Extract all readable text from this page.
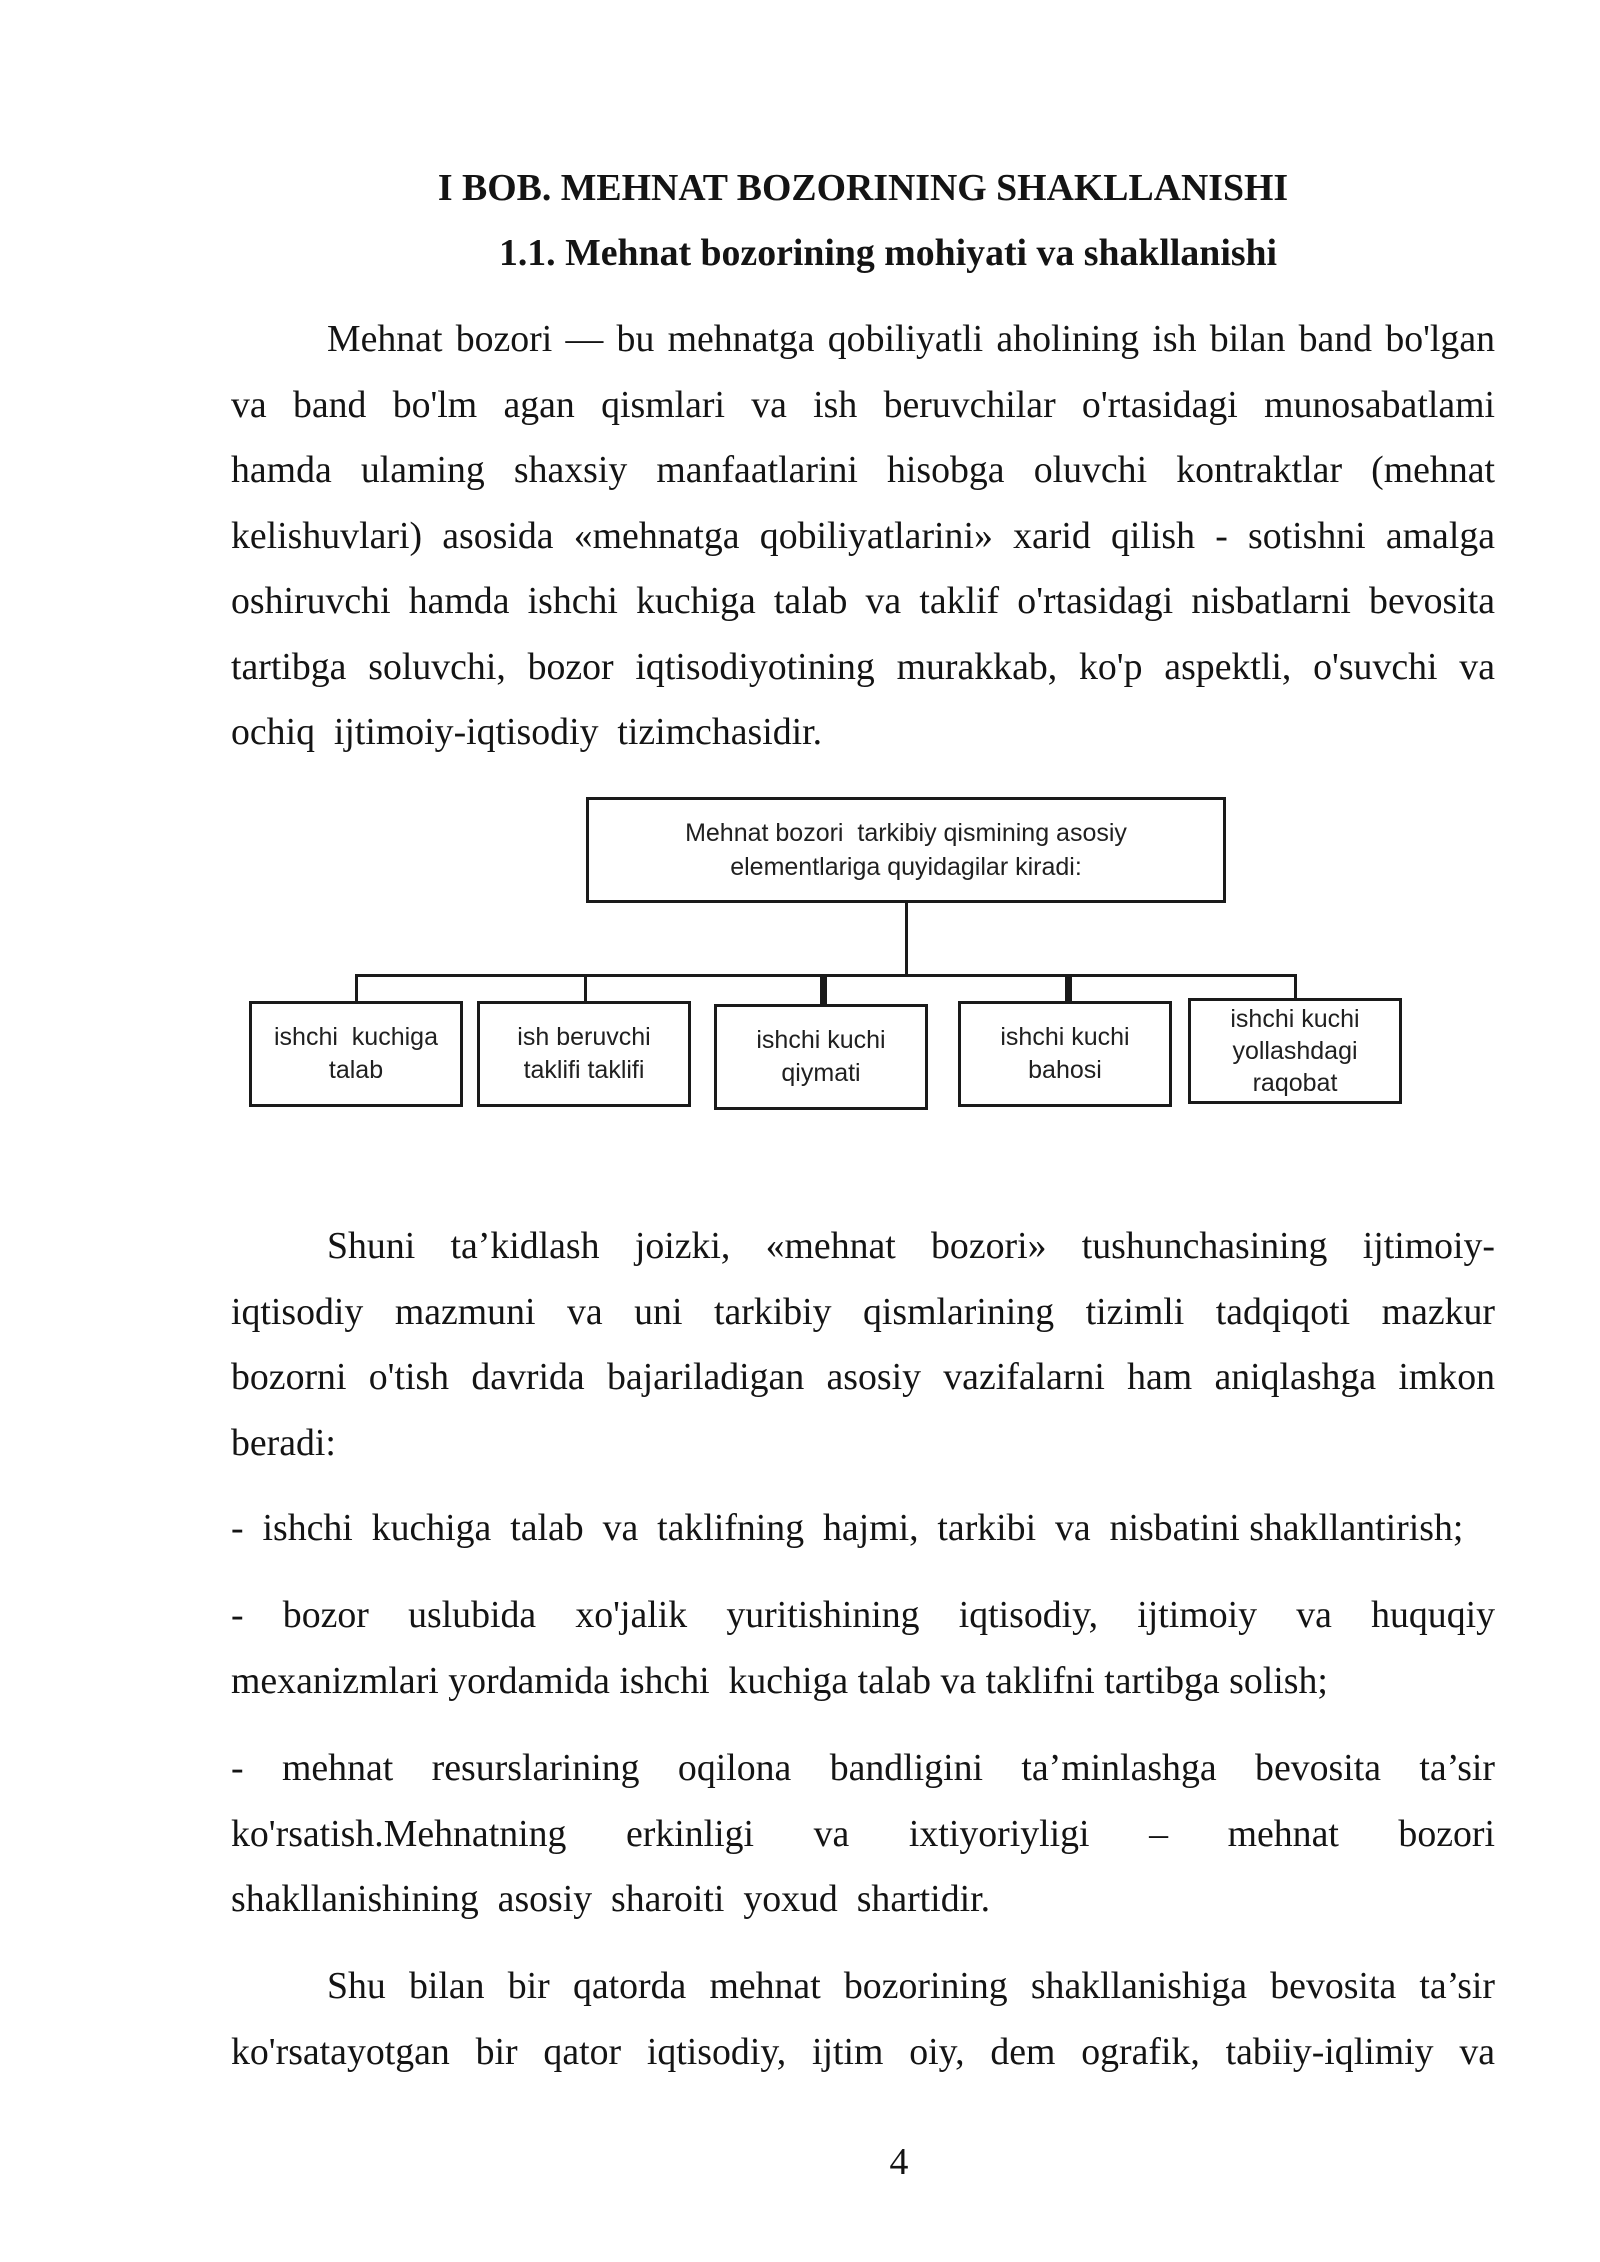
I BOB. MEHNAT BOZORINING SHAKLLANISHI
1.1. Mehnat bozorining mohiyati va shakllanishi
Mehnat bozori — bu mehnatga qobiliyatli aholining ish bilan band bo'lgan
va band bo'lm agan qismlari va ish beruvchilar o'rtasidagi munosabatlami
hamda ulaming shaxsiy manfaatlarini hisobga oluvchi kontraktlar (mehnat
kelishuvlari) asosida «mehnatga qobiliyatlarini» xarid qilish - sotishni amalga
oshiruvchi hamda ishchi kuchiga talab va taklif o'rtasidagi nisbatlarni bevosita
tartibga soluvchi, bozor iqtisodiyotining murakkab, ko'p aspektli, o'suvchi va
ochiq  ijtimoiy-iqtisodiy  tizimchasidir.
Mehnat bozori  tarkibiy qismining asosiy
elementlariga quyidagilar kiradi:
ishchi  kuchiga
talab
ish beruvchi
taklifi taklifi
ishchi kuchi
qiymati
ishchi kuchi
bahosi
ishchi kuchi
yollashdagi
raqobat
Shuni ta’kidlash joizki, «mehnat bozori» tushunchasining ijtimoiy-
iqtisodiy mazmuni va uni tarkibiy qismlarining tizimli tadqiqoti mazkur
bozorni o'tish davrida bajariladigan asosiy vazifalarni ham aniqlashga imkon
beradi:
-  ishchi  kuchiga  talab  va  taklifning  hajmi,  tarkibi  va  nisbatini shakllantirish;
- bozor uslubida xo'jalik yuritishining iqtisodiy, ijtimoiy va huquqiy
mexanizmlari yordamida ishchi  kuchiga talab va taklifni tartibga solish;
- mehnat resurslarining oqilona bandligini ta’minlashga bevosita ta’sir
ko'rsatish.Mehnatning erkinligi va ixtiyoriyligi – mehnat bozori
shakllanishining  asosiy  sharoiti  yoxud  shartidir.
Shu bilan bir qatorda mehnat bozorining shakllanishiga bevosita ta’sir
ko'rsatayotgan bir qator iqtisodiy, ijtim oiy, dem ografik, tabiiy-iqlimiy va
4
